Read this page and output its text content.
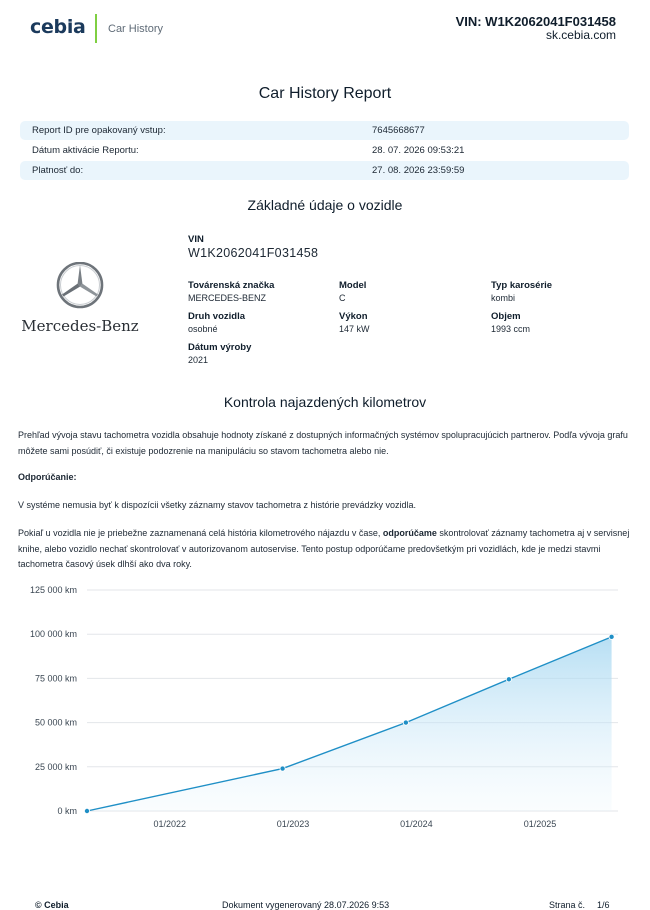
cebia Car History	VIN: W1K2062041F031458
sk.cebia.com
Car History Report
Report ID pre opakovaný vstup:	7645668677
Dátum aktivácie Reportu:	28. 07. 2026 09:53:21
Platnosť do:	27. 08. 2026 23:59:59
Základné údaje o vozidle
Mercedes-Benz
VIN
W1K2062041F031458
Továrenská značka
MERCEDES-BENZ
Model
C
Typ karosérie
kombi
Druh vozidla
osobné
Výkon
147 kW
Objem
1993 ccm
Dátum výroby
2021
Kontrola najazdených kilometrov
Prehľad vývoja stavu tachometra vozidla obsahuje hodnoty získané z dostupných informačných systémov spolupracujúcich partnerov. Podľa vývoja grafu môžete sami posúdiť, či existuje podozrenie na manipuláciu so stavom tachometra alebo nie.
Odporúčanie:
V systéme nemusia byť k dispozícii všetky záznamy stavov tachometra z histórie prevádzky vozidla.
Pokiaľ u vozidla nie je priebežne zaznamenaná celá história kilometrového nájazdu v čase, odporúčame skontrolovať záznamy tachometra aj v servisnej knihe, alebo vozidlo nechať skontrolovať v autorizovanom autoservise. Tento postup odporúčame predovšetkým pri vozidlách, kde je medzi stavmi tachometra časový úsek dlhší ako dva roky.
0 km
25 000 km
50 000 km
75 000 km
100 000 km
125 000 km
01/2022	01/2023	01/2024	01/2025
© Cebia	Dokument vygenerovaný 28.07.2026 9:53	Strana č. 1/6
